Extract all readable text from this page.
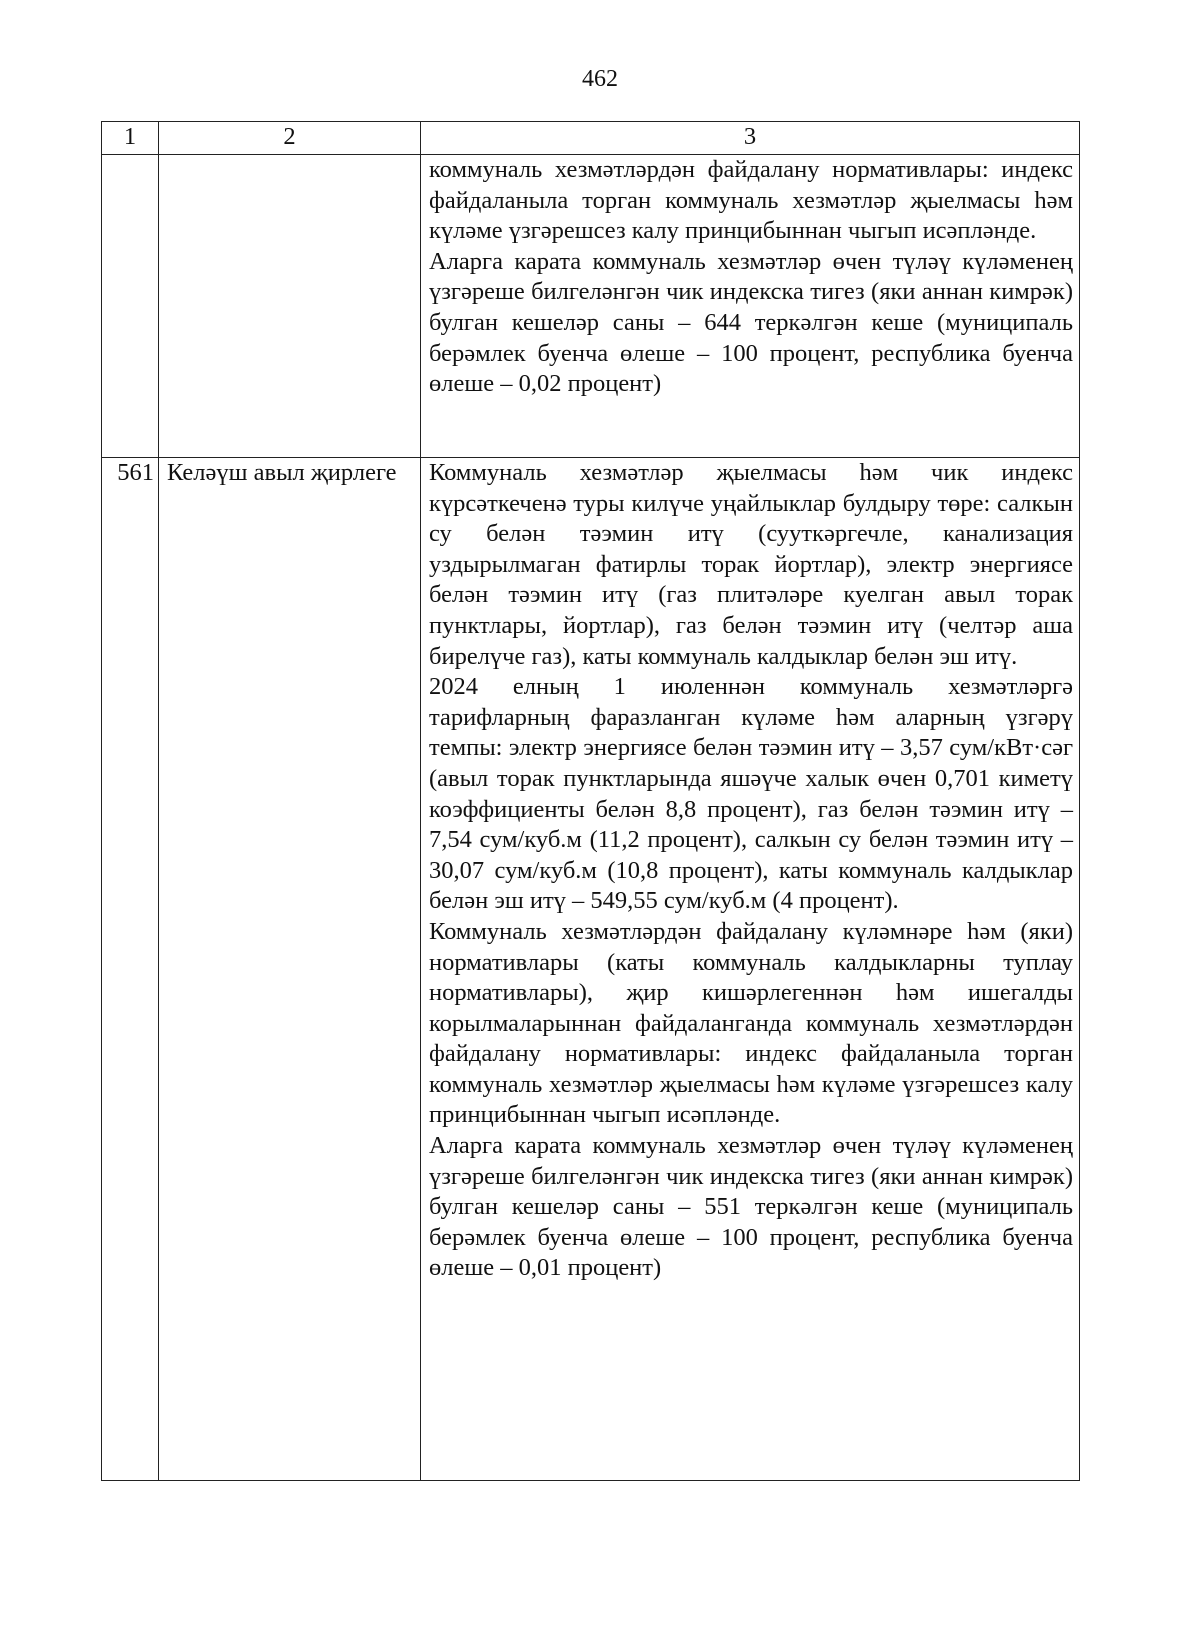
462
1	2	3

		коммуналь хезмәтләрдән файдалану нормативлары: индекс файдаланыла торган коммуналь хезмәтләр җыелмасы һәм күләме үзгәрешсез калу принцибыннан чыгып исәпләнде.
Аларга карата коммуналь хезмәтләр өчен түләү күләменең үзгәреше билгеләнгән чик индекска тигез (яки аннан кимрәк) булган кешеләр саны – 644 теркәлгән кеше (муниципаль берәмлек буенча өлеше – 100 процент, республика буенча өлеше – 0,02 процент)

561	Келәүш авыл җирлеге	Коммуналь хезмәтләр җыелмасы һәм чик индекс күрсәткеченә туры килүче уңайлыклар булдыру төре: салкын су белән тәэмин итү (сууткәргечле, канализация уздырылмаган фатирлы торак йортлар), электр энергиясе белән тәэмин итү (газ плитәләре куелган авыл торак пунктлары, йортлар), газ белән тәэмин итү (челтәр аша бирелүче газ), каты коммуналь калдыклар белән эш итү.
2024 елның 1 июленнән коммуналь хезмәтләргә тарифларның фаразланган күләме һәм аларның үзгәрү темпы: электр энергиясе белән тәэмин итү – 3,57 сум/кВт·сәг (авыл торак пунктларында яшәүче халык өчен 0,701 киметү коэффициенты белән 8,8 процент), газ белән тәэмин итү – 7,54 сум/куб.м (11,2 процент), салкын су белән тәэмин итү – 30,07 сум/куб.м (10,8 процент), каты коммуналь калдыклар белән эш итү – 549,55 сум/куб.м (4 процент).
Коммуналь хезмәтләрдән файдалану күләмнәре һәм (яки) нормативлары (каты коммуналь калдыкларны туплау нормативлары), җир кишәрлегеннән һәм ишегалды корылмаларыннан файдаланганда коммуналь хезмәтләрдән файдалану нормативлары: индекс файдаланыла торган коммуналь хезмәтләр җыелмасы һәм күләме үзгәрешсез калу принцибыннан чыгып исәпләнде.
Аларга карата коммуналь хезмәтләр өчен түләү күләменең үзгәреше билгеләнгән чик индекска тигез (яки аннан кимрәк) булган кешеләр саны – 551 теркәлгән кеше (муниципаль берәмлек буенча өлеше – 100 процент, республика буенча өлеше – 0,01 процент)
